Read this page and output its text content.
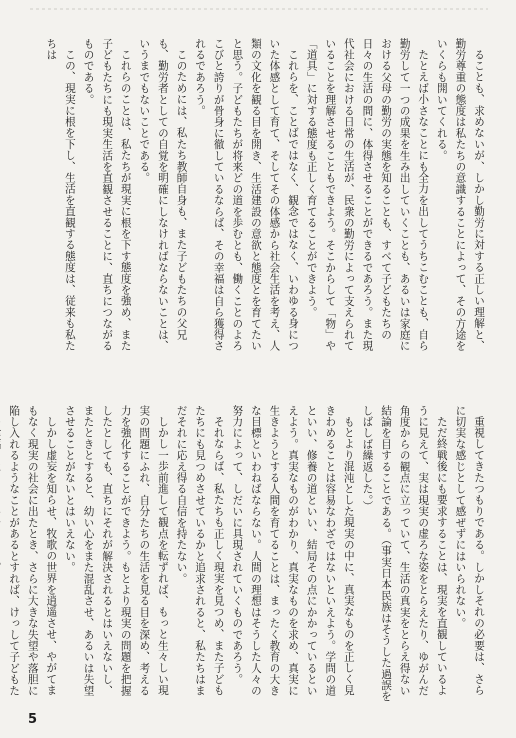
ることも、求めないが、しかし勤労に対する正しい理解と、勤労尊重の態度は私たちの意識することによって、その方途をいくらも開いてくれる。

たとえば小さなことにも全力を出してうちこむことも、自ら勤労して一つの成果を生み出していくことも、あるいは家庭における父母の勤労の実態を知ることも、すべて子どもたちの日々の生活の間に、体得させることができるであろう。また現代社会における日常の生活が、民衆の勤労によって支えられていることを理解させることもできよう。そこからして「物」や「道具」に対する態度も正しく育てることができよう。

これらを、ことばではなく、観念ではなく、いわゆる身についた体感として育て、そしてその体感から社会生活を考え、人類の文化を観る目を開き、生活建設の意欲と態度とを育てたいと思う。子どもたちが将来どの道を歩むとも、働くことのよろこびと誇りが骨身に徹しているならば、その幸福は自ら獲得されるであろう。

このためには、私たち教師自身も、また子どもたちの父兄も、勤労者としての自覚を明確にしなければならないことは、いうまでもないことである。

これらのことは、私たちが現実に根を下す態度を強め、また子どもたちにも現実生活を直観させることに、直ちにつながるものである。

この、現実に根を下し、生活を直観する態度は、従来も私たちは

重視してきたつもりである。しかしそれの必要は、さらに切実な感じとして感ぜずにはいられない。

ただ終戦後にも要求することは、現実を直観しているように見えて、実は現実の虚ろな姿をとらえたり、ゆがんだ角度からの観点に立っていて、生活の真実をとらえ得ない結論を目することである。（事実日本民族はそうした過誤をしばしば繰返した。）

もとより混沌とした現実の中に、真実なものを正しく見きわめることは容易なわざではないといえよう。学問の道といい、修養の道といい、結局その点にかかっているといえよう。真実なものがわかり、真実なものを求め、真実に生きようとする人間を育てることは、まったく教育の大きな目標といわねばならない。人間の理想はそうした人々の努力によって、しだいに具現されていくものであろう。

それならば、私たちも正しく現実を見つめ、また子どもたちにも見つめさせているかと追求されると、私たちはまだそれに応え得る自信を持たない。

しかし一歩前進して観点を転ずれば、もっと生々しい現実の問題にふれ、自分たちの生活を見る目を深め、考える力を強化することができよう。もとより現実の問題を把握したとしても、直ちにそれが解決されるとはいえないし、またときとすると、幼い心をまた混乱させ、あるいは失望させることがないとはいえない。

しかし虚妄を知らせ、牧歌の世界を逍遥させ、やがてまもなく現実の社会に出たとき、さらに大きな失望や落胆に陥し入れるようなことがあるとすれば、けっして子どもた

5
